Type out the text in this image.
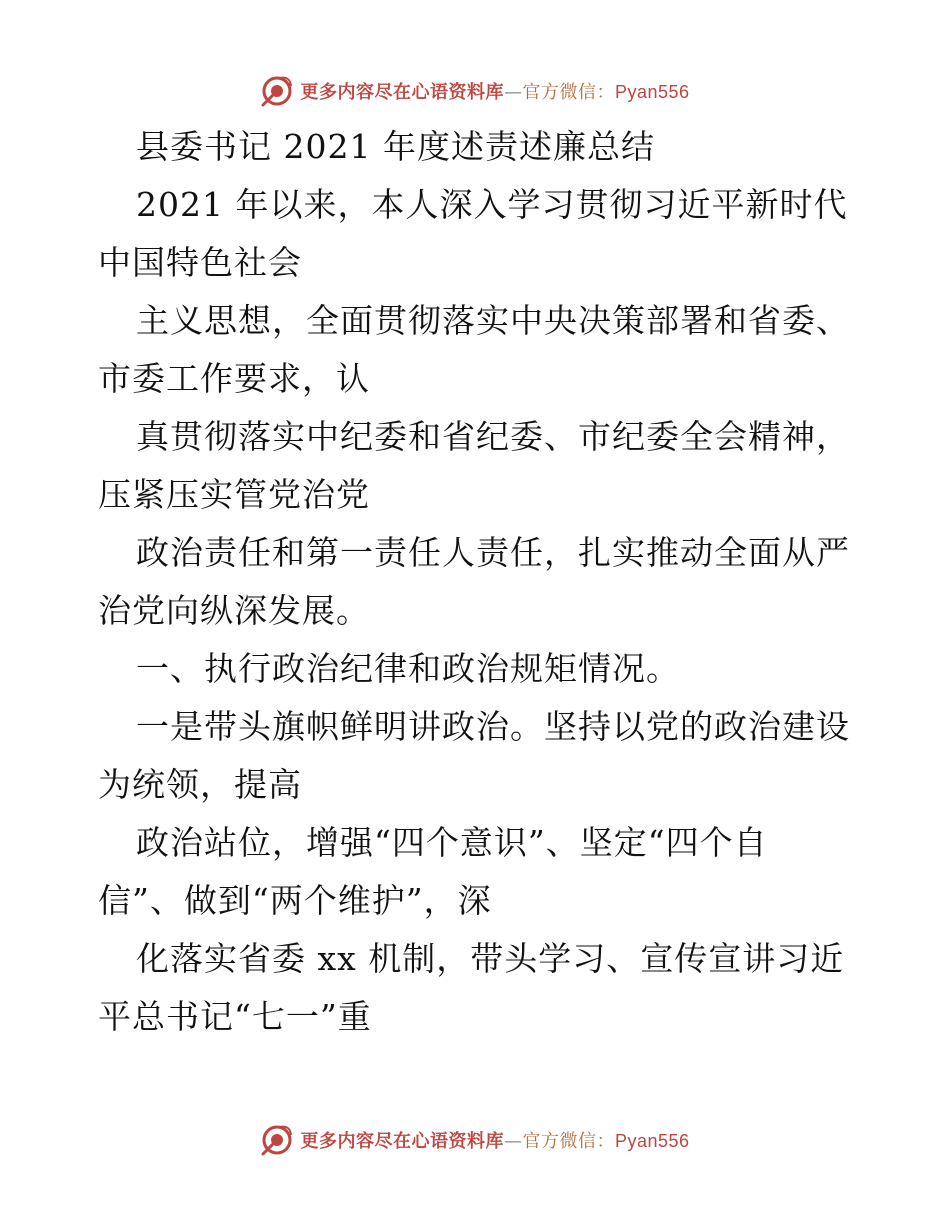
更多内容尽在心语资料库—官方微信：Pyan556
县委书记 2021 年度述责述廉总结
2021 年以来，本人深入学习贯彻习近平新时代
中国特色社会
主义思想，全面贯彻落实中央决策部署和省委、
市委工作要求，认
真贯彻落实中纪委和省纪委、市纪委全会精神，
压紧压实管党治党
政治责任和第一责任人责任，扎实推动全面从严
治党向纵深发展。
一、执行政治纪律和政治规矩情况。
一是带头旗帜鲜明讲政治。坚持以党的政治建设
为统领，提高
政治站位，增强“四个意识”、坚定“四个自
信”、做到“两个维护”，深
化落实省委 xx 机制，带头学习、宣传宣讲习近
平总书记“七一”重
更多内容尽在心语资料库—官方微信：Pyan556
